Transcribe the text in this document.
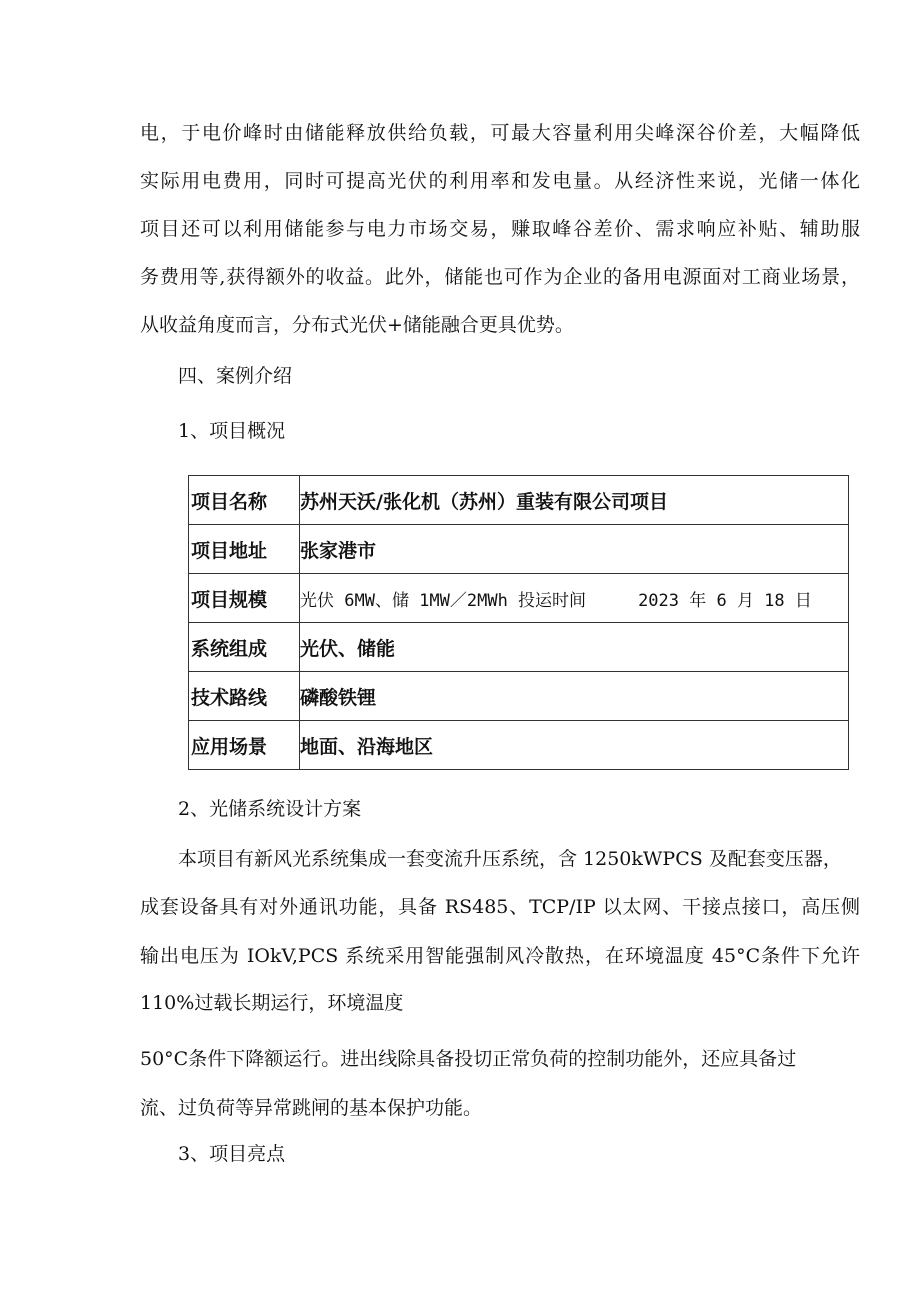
电，于电价峰时由储能释放供给负载，可最大容量利用尖峰深谷价差，大幅降低
实际用电费用，同时可提高光伏的利用率和发电量。从经济性来说，光储一体化
项目还可以利用储能参与电力市场交易，赚取峰谷差价、需求响应补贴、辅助服
务费用等,获得额外的收益。此外，储能也可作为企业的备用电源面对工商业场景，
从收益角度而言，分布式光伏+储能融合更具优势。
四、案例介绍
1、项目概况
项目名称	苏州天沃/张化机（苏州）重装有限公司项目
项目地址	张家港市
项目规模	光伏 6MW、储 1MW／2MWh 投运时间 2023 年 6 月 18 日
系统组成	光伏、储能
技术路线	磷酸铁锂
应用场景	地面、沿海地区
2、光储系统设计方案
本项目有新风光系统集成一套变流升压系统，含 1250kWPCS 及配套变压器，
成套设备具有对外通讯功能，具备 RS485、TCP/IP 以太网、干接点接口，高压侧
输出电压为 IOkV,PCS 系统采用智能强制风冷散热，在环境温度 45°C条件下允许
110%过载长期运行，环境温度
50°C条件下降额运行。进出线除具备投切正常负荷的控制功能外，还应具备过
流、过负荷等异常跳闸的基本保护功能。
3、项目亮点
